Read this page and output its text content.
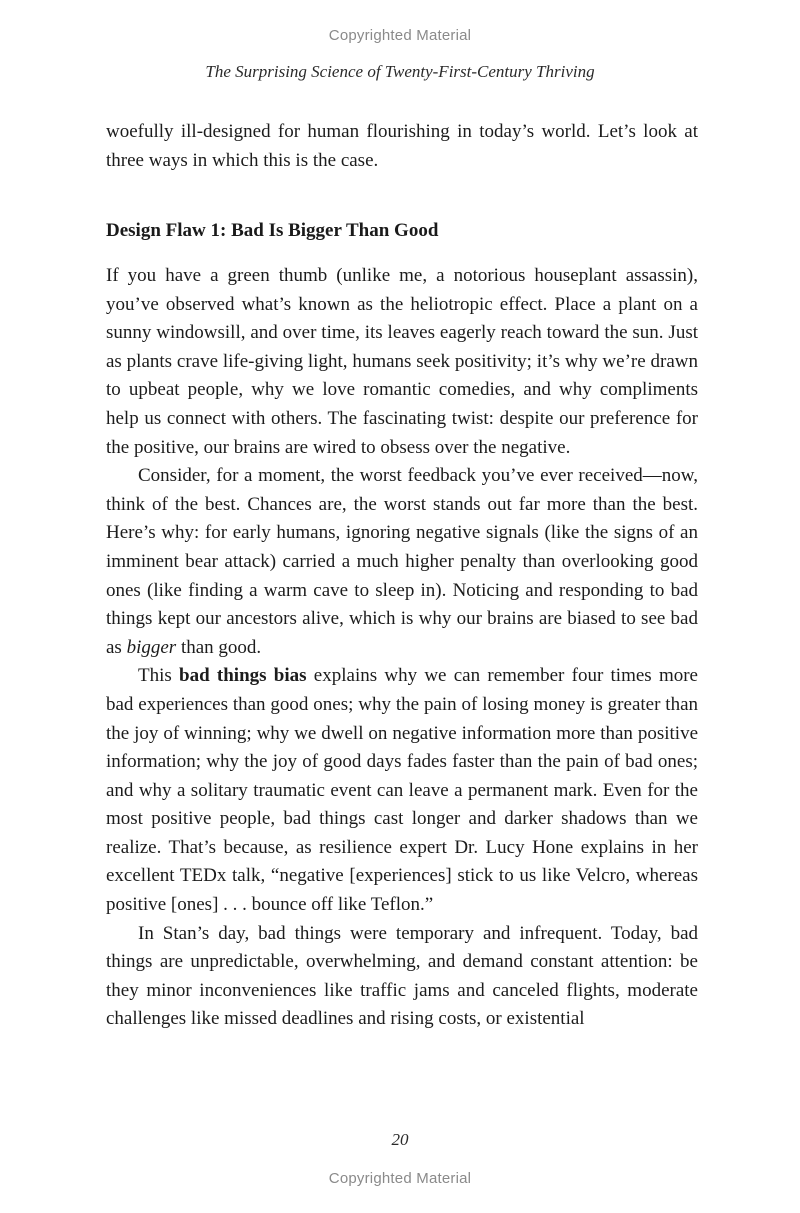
Copyrighted Material
The Surprising Science of Twenty-First-Century Thriving

woefully ill-designed for human flourishing in today’s world. Let’s look at three ways in which this is the case.

Design Flaw 1: Bad Is Bigger Than Good

If you have a green thumb (unlike me, a notorious houseplant assassin), you’ve observed what’s known as the heliotropic effect. Place a plant on a sunny windowsill, and over time, its leaves eagerly reach toward the sun. Just as plants crave life-giving light, humans seek positivity; it’s why we’re drawn to upbeat people, why we love romantic comedies, and why compliments help us connect with others. The fascinating twist: despite our preference for the positive, our brains are wired to obsess over the negative.

Consider, for a moment, the worst feedback you’ve ever received—now, think of the best. Chances are, the worst stands out far more than the best. Here’s why: for early humans, ignoring negative signals (like the signs of an imminent bear attack) carried a much higher penalty than overlooking good ones (like finding a warm cave to sleep in). Noticing and responding to bad things kept our ancestors alive, which is why our brains are biased to see bad as bigger than good.

This bad things bias explains why we can remember four times more bad experiences than good ones; why the pain of losing money is greater than the joy of winning; why we dwell on negative information more than positive information; why the joy of good days fades faster than the pain of bad ones; and why a solitary traumatic event can leave a permanent mark. Even for the most positive people, bad things cast longer and darker shadows than we realize. That’s because, as resilience expert Dr. Lucy Hone explains in her excellent TEDx talk, “negative [experiences] stick to us like Velcro, whereas positive [ones] . . . bounce off like Teflon.”

In Stan’s day, bad things were temporary and infrequent. Today, bad things are unpredictable, overwhelming, and demand constant attention: be they minor inconveniences like traffic jams and canceled flights, moderate challenges like missed deadlines and rising costs, or existential

20
Copyrighted Material
